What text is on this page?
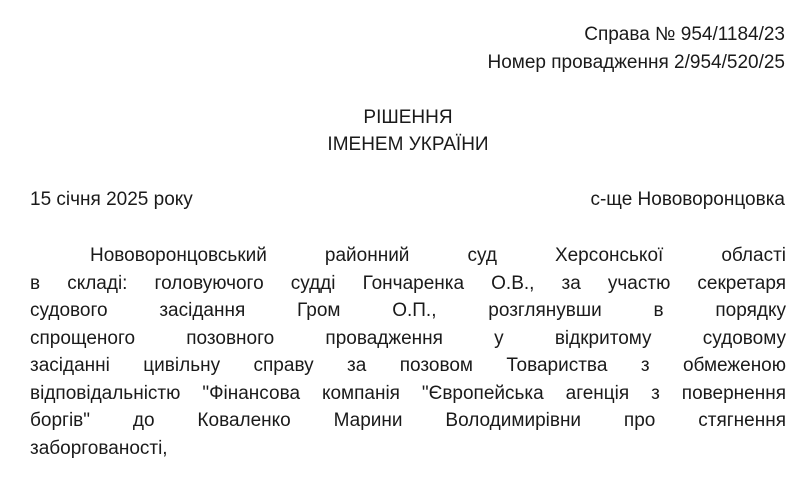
Справа № 954/1184/23
Номер провадження 2/954/520/25
РІШЕННЯ
ІМЕНЕМ УКРАЇНИ
15 січня 2025 року	с-ще Нововоронцовка
Нововоронцовський районний суд Херсонської області
в складі: головуючого судді Гончаренка О.В., за участю секретаря
судового засідання Гром О.П., розглянувши в порядку
спрощеного позовного провадження у відкритому судовому
засіданні цивільну справу за позовом Товариства з обмеженою
відповідальністю "Фінансова компанія "Європейська агенція з повернення
боргів" до Коваленко Марини Володимирівни про стягнення
заборгованості,
